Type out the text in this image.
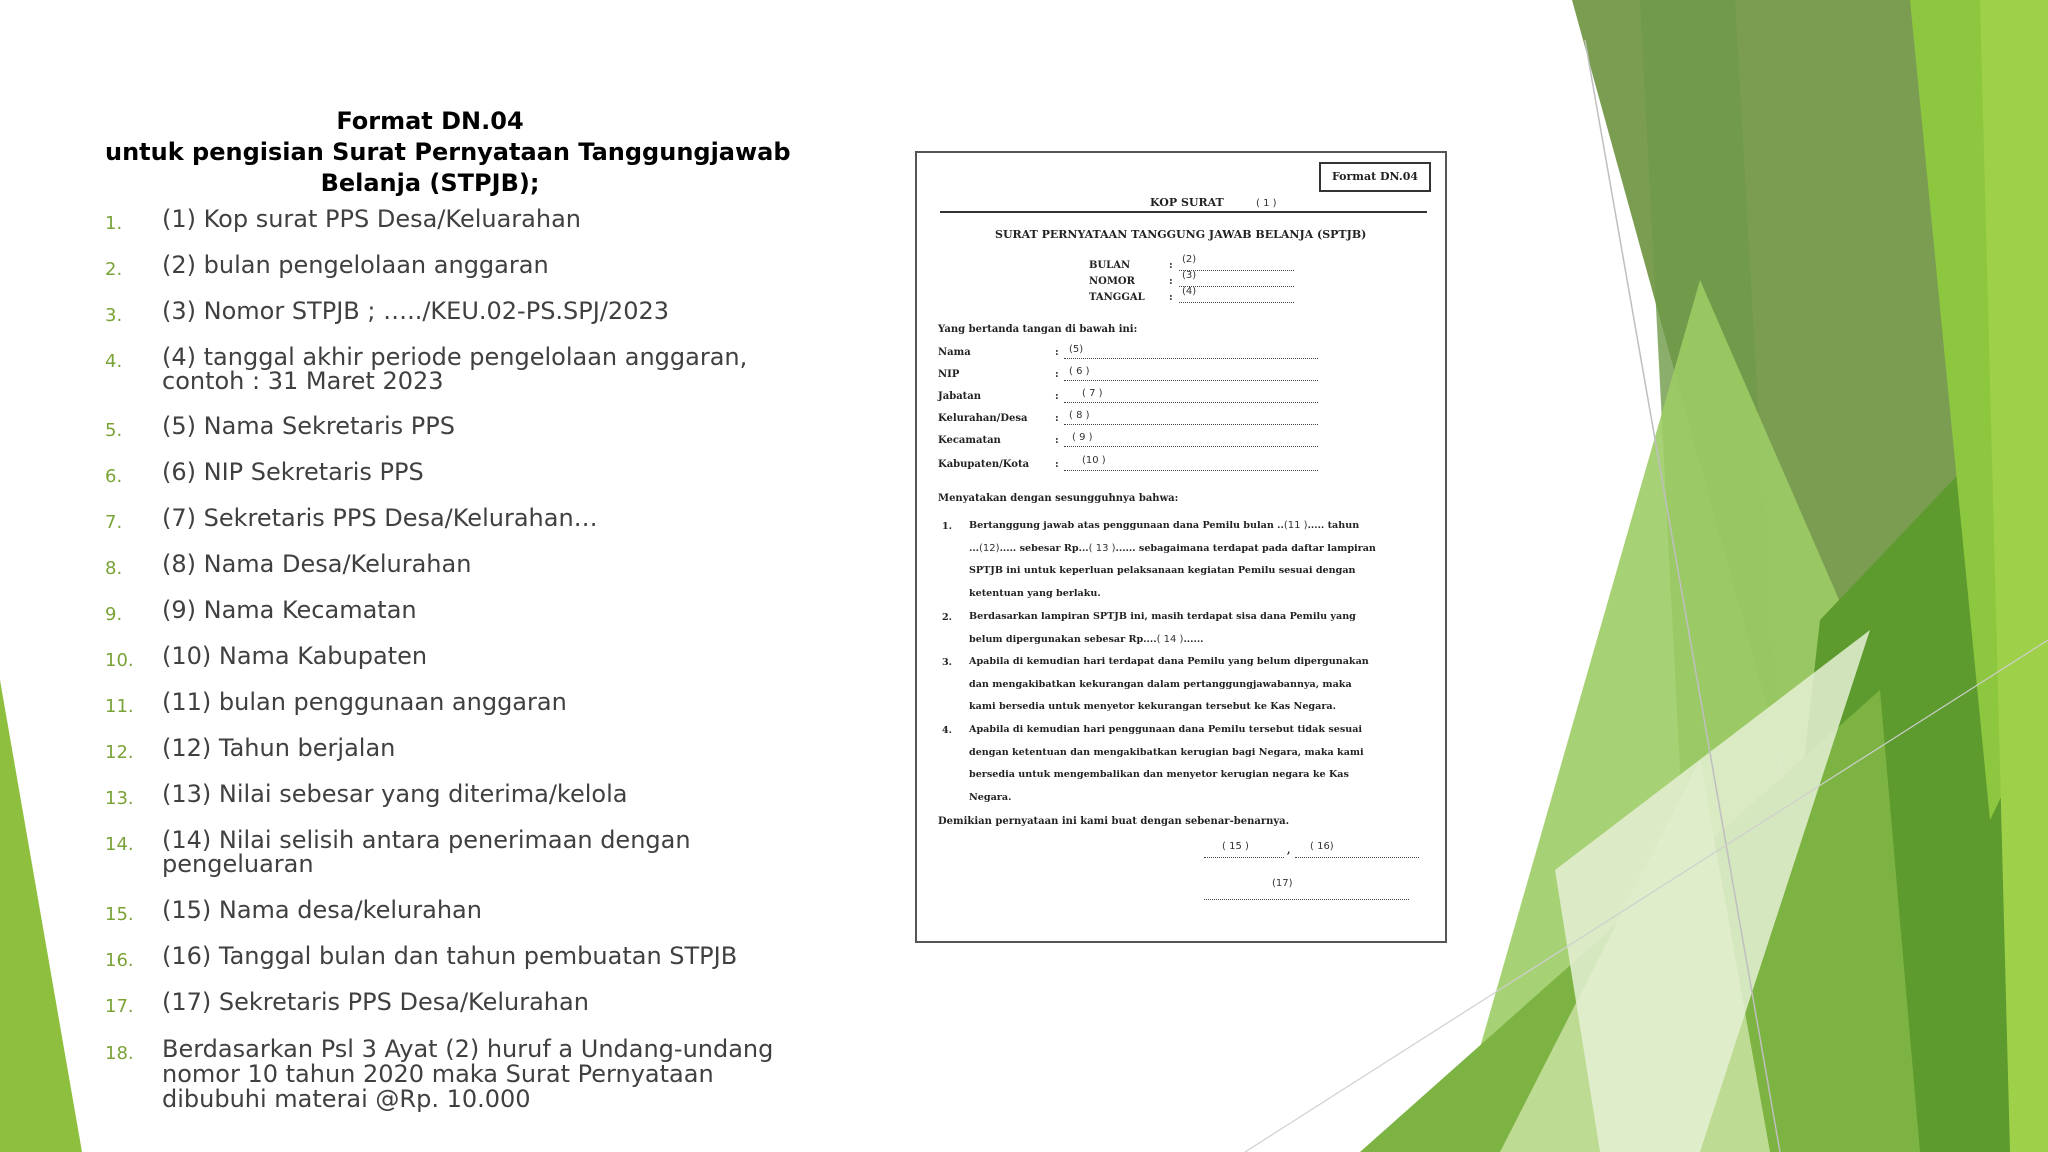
Format DN.04
untuk pengisian Surat Pernyataan Tanggungjawab
Belanja (STPJB);
1. (1) Kop surat PPS Desa/Keluarahan
2. (2) bulan pengelolaan anggaran
3. (3) Nomor STPJB ; …../KEU.02-PS.SPJ/2023
4. (4) tanggal akhir periode pengelolaan anggaran,
contoh : 31 Maret 2023
5. (5) Nama Sekretaris PPS
6. (6) NIP Sekretaris PPS
7. (7) Sekretaris PPS Desa/Kelurahan…
8. (8) Nama Desa/Kelurahan
9. (9) Nama Kecamatan
10. (10) Nama Kabupaten
11. (11) bulan penggunaan anggaran
12. (12) Tahun berjalan
13. (13) Nilai sebesar yang diterima/kelola
14. (14) Nilai selisih antara penerimaan dengan
pengeluaran
15. (15) Nama desa/kelurahan
16. (16) Tanggal bulan dan tahun pembuatan STPJB
17. (17) Sekretaris PPS Desa/Kelurahan
18. Berdasarkan Psl 3 Ayat (2) huruf a Undang-undang
nomor 10 tahun 2020 maka Surat Pernyataan
dibubuhi materai @Rp. 10.000
Format DN.04
KOP SURAT	( 1 )
SURAT PERNYATAAN TANGGUNG JAWAB BELANJA (SPTJB)
BULAN	:
(2)
NOMOR	:
(3)
TANGGAL :
(4)
Yang bertanda tangan di bawah ini:
Nama	: (5)
NIP	: ( 6 )
Jabatan	: ( 7 )
Kelurahan/Desa	: ( 8 )
Kecamatan	: ( 9 )
Kabupaten/Kota	: (10 )
Menyatakan dengan sesungguhnya bahwa:
1. Bertanggung jawab atas penggunaan dana Pemilu bulan ..(11 )..... tahun
...(12)..... sebesar Rp...( 13 )...... sebagaimana terdapat pada daftar lampiran
SPTJB ini untuk keperluan pelaksanaan kegiatan Pemilu sesuai dengan
ketentuan yang berlaku.
2. Berdasarkan lampiran SPTJB ini, masih terdapat sisa dana Pemilu yang
belum dipergunakan sebesar Rp....( 14 )......
3. Apabila di kemudian hari terdapat dana Pemilu yang belum dipergunakan
dan mengakibatkan kekurangan dalam pertanggungjawabannya, maka
kami bersedia untuk menyetor kekurangan tersebut ke Kas Negara.
4. Apabila di kemudian hari penggunaan dana Pemilu tersebut tidak sesuai
dengan ketentuan dan mengakibatkan kerugian bagi Negara, maka kami
bersedia untuk mengembalikan dan menyetor kerugian negara ke Kas
Negara.
Demikian pernyataan ini kami buat dengan sebenar-benarnya.
( 15 )	, ( 16)
(17)
